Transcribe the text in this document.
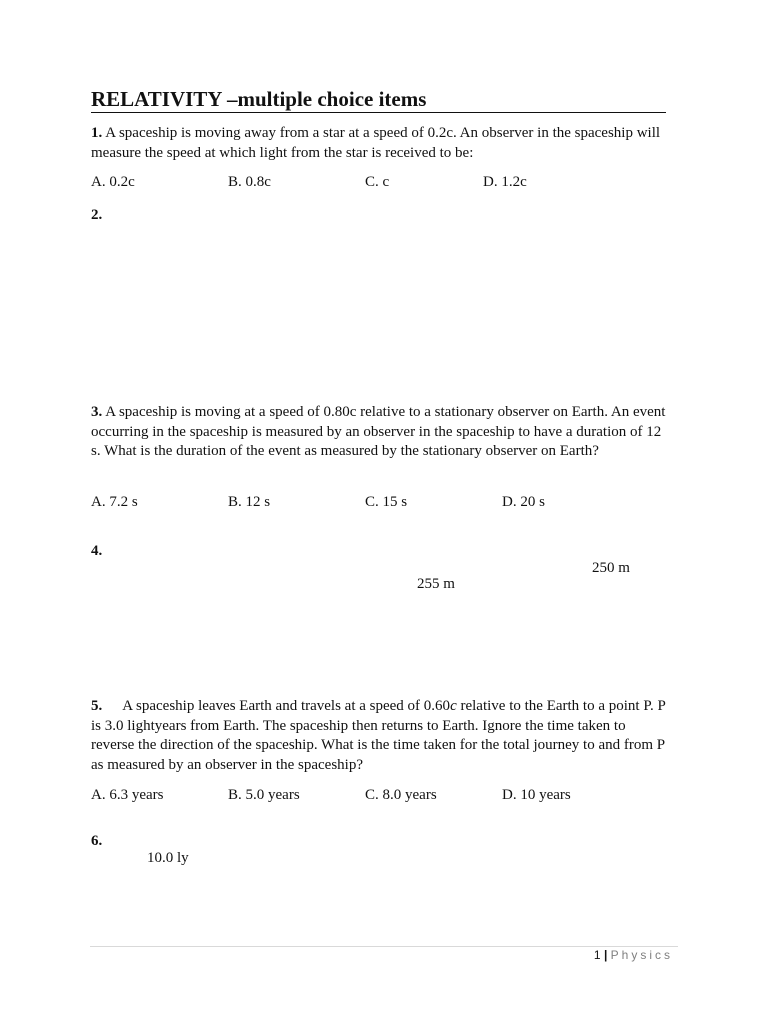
RELATIVITY –multiple choice items
1. A spaceship is moving away from a star at a speed of 0.2c. An observer in the spaceship will measure the speed at which light from the star is received to be:
A. 0.2c	B. 0.8c	C. c	D. 1.2c
2.
3. A spaceship is moving at a speed of 0.80c relative to a stationary observer on Earth. An event occurring in the spaceship is measured by an observer in the spaceship to have a duration of 12 s. What is the duration of the event as measured by the stationary observer on Earth?
A. 7.2 s	B. 12 s	C. 15 s	D. 20 s
4.
250 m
255 m
5. A spaceship leaves Earth and travels at a speed of 0.60c relative to the Earth to a point P. P is 3.0 lightyears from Earth. The spaceship then returns to Earth. Ignore the time taken to reverse the direction of the spaceship. What is the time taken for the total journey to and from P as measured by an observer in the spaceship?
A. 6.3 years	B. 5.0 years	C. 8.0 years	D. 10 years
6.
10.0 ly
1 | Physics
